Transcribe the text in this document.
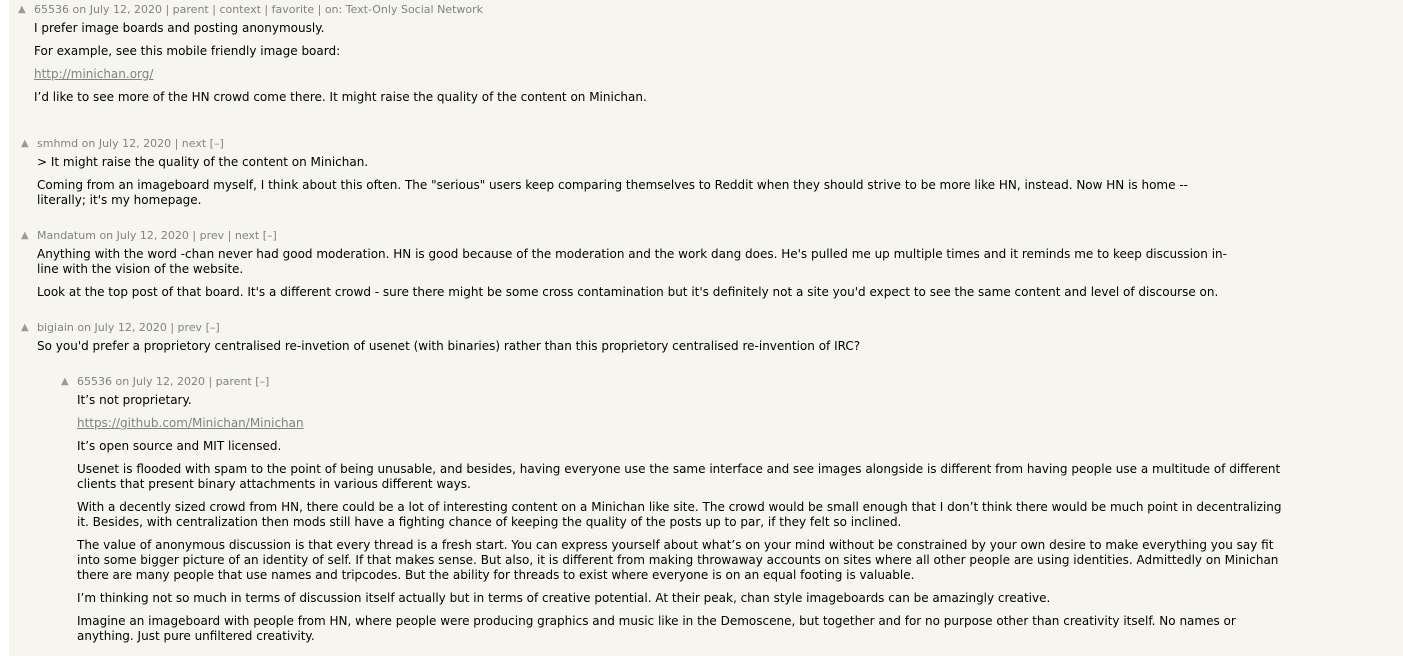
▲ 65536 on July 12, 2020 | parent | context | favorite | on: Text-Only Social Network

I prefer image boards and posting anonymously.

For example, see this mobile friendly image board:

http://minichan.org/

I’d like to see more of the HN crowd come there. It might raise the quality of the content on Minichan.

▲ smhmd on July 12, 2020 | next [–]

> It might raise the quality of the content on Minichan.

Coming from an imageboard myself, I think about this often. The "serious" users keep comparing themselves to Reddit when they should strive to be more like HN, instead. Now HN is home -- literally; it's my homepage.

▲ Mandatum on July 12, 2020 | prev | next [–]

Anything with the word -chan never had good moderation. HN is good because of the moderation and the work dang does. He's pulled me up multiple times and it reminds me to keep discussion in-line with the vision of the website.

Look at the top post of that board. It's a different crowd - sure there might be some cross contamination but it's definitely not a site you'd expect to see the same content and level of discourse on.

▲ bigiain on July 12, 2020 | prev [–]

So you'd prefer a proprietory centralised re-invetion of usenet (with binaries) rather than this proprietory centralised re-invention of IRC?

▲ 65536 on July 12, 2020 | parent [–]

It’s not proprietary.

https://github.com/Minichan/Minichan

It’s open source and MIT licensed.

Usenet is flooded with spam to the point of being unusable, and besides, having everyone use the same interface and see images alongside is different from having people use a multitude of different clients that present binary attachments in various different ways.

With a decently sized crowd from HN, there could be a lot of interesting content on a Minichan like site. The crowd would be small enough that I don’t think there would be much point in decentralizing it. Besides, with centralization then mods still have a fighting chance of keeping the quality of the posts up to par, if they felt so inclined.

The value of anonymous discussion is that every thread is a fresh start. You can express yourself about what’s on your mind without be constrained by your own desire to make everything you say fit into some bigger picture of an identity of self. If that makes sense. But also, it is different from making throwaway accounts on sites where all other people are using identities. Admittedly on Minichan there are many people that use names and tripcodes. But the ability for threads to exist where everyone is on an equal footing is valuable.

I’m thinking not so much in terms of discussion itself actually but in terms of creative potential. At their peak, chan style imageboards can be amazingly creative.

Imagine an imageboard with people from HN, where people were producing graphics and music like in the Demoscene, but together and for no purpose other than creativity itself. No names or anything. Just pure unfiltered creativity.
